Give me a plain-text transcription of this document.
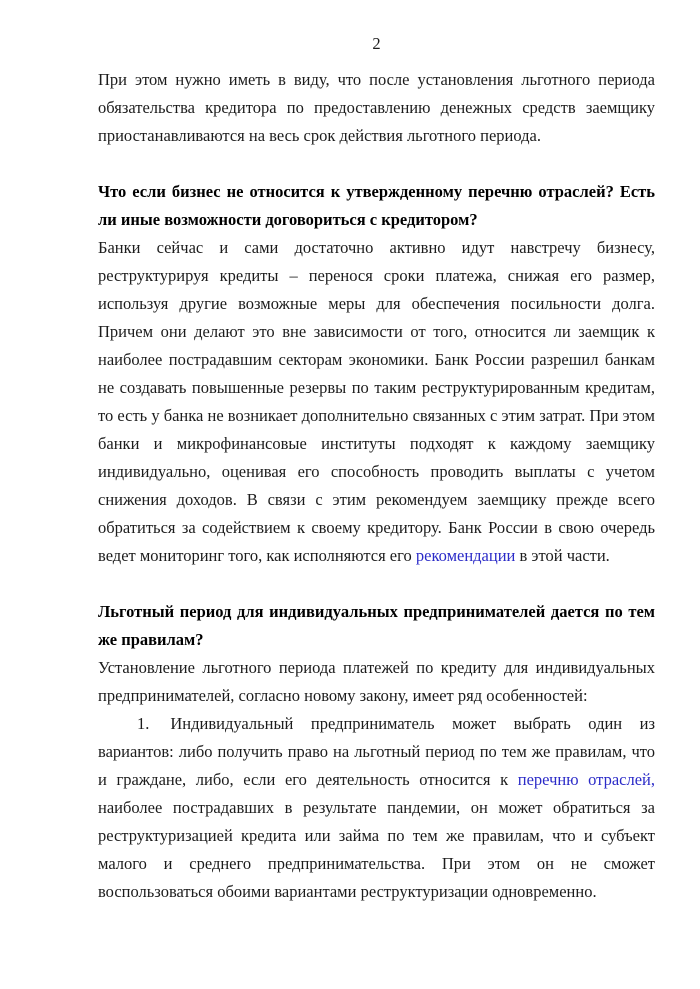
2

При этом нужно иметь в виду, что после установления льготного периода обязательства кредитора по предоставлению денежных средств заемщику приостанавливаются на весь срок действия льготного периода.

Что если бизнес не относится к утвержденному перечню отраслей? Есть ли иные возможности договориться с кредитором?

Банки сейчас и сами достаточно активно идут навстречу бизнесу, реструктурируя кредиты – перенося сроки платежа, снижая его размер, используя другие возможные меры для обеспечения посильности долга. Причем они делают это вне зависимости от того, относится ли заемщик к наиболее пострадавшим секторам экономики. Банк России разрешил банкам не создавать повышенные резервы по таким реструктурированным кредитам, то есть у банка не возникает дополнительно связанных с этим затрат. При этом банки и микрофинансовые институты подходят к каждому заемщику индивидуально, оценивая его способность проводить выплаты с учетом снижения доходов. В связи с этим рекомендуем заемщику прежде всего обратиться за содействием к своему кредитору. Банк России в свою очередь ведет мониторинг того, как исполняются его рекомендации в этой части.

Льготный период для индивидуальных предпринимателей дается по тем же правилам?

Установление льготного периода платежей по кредиту для индивидуальных предпринимателей, согласно новому закону, имеет ряд особенностей:

1. Индивидуальный предприниматель может выбрать один из вариантов: либо получить право на льготный период по тем же правилам, что и граждане, либо, если его деятельность относится к перечню отраслей, наиболее пострадавших в результате пандемии, он может обратиться за реструктуризацией кредита или займа по тем же правилам, что и субъект малого и среднего предпринимательства. При этом он не сможет воспользоваться обоими вариантами реструктуризации одновременно.
